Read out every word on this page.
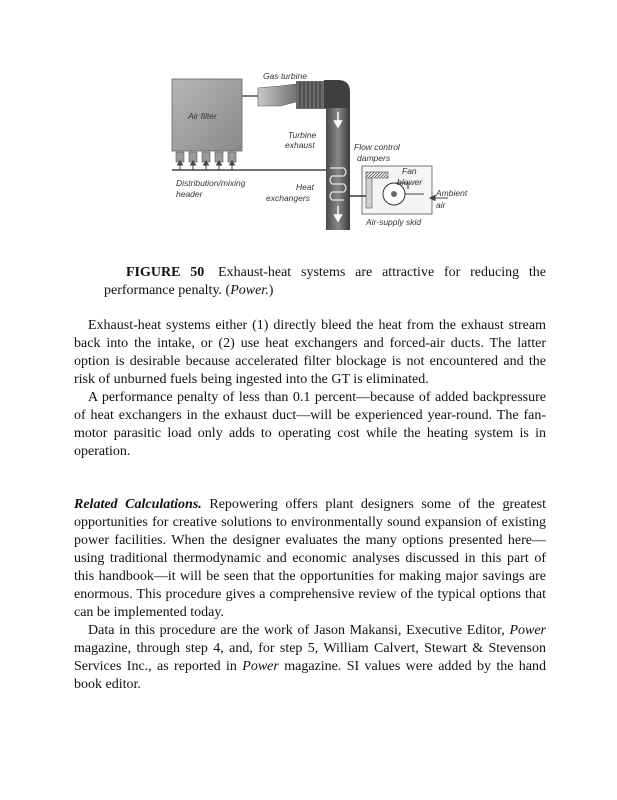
Air filter
Gas turbine
Turbine
exhaust
Distribution/mixing
header
Heat
exchangers
Flow control
dampers
Fan
blower
Air-supply skid
Ambient
air
FIGURE 50 Exhaust-heat systems are attractive for reducing the performance penalty. (Power.)

Exhaust-heat systems either (1) directly bleed the heat from the exhaust stream back into the intake, or (2) use heat exchangers and forced-air ducts. The latter option is desirable because accelerated filter blockage is not encountered and the risk of unburned fuels being ingested into the GT is eliminated.

A performance penalty of less than 0.1 percent—because of added backpressure of heat exchangers in the exhaust duct—will be experienced year-round. The fan-motor parasitic load only adds to operating cost while the heating system is in operation.

Related Calculations. Repowering offers plant designers some of the greatest opportunities for creative solutions to environmentally sound expansion of existing power facilities. When the designer evaluates the many options presented here—using traditional thermodynamic and economic analyses discussed in this part of this handbook—it will be seen that the opportunities for making major savings are enormous. This procedure gives a comprehensive review of the typical options that can be implemented today.

Data in this procedure are the work of Jason Makansi, Executive Editor, Power magazine, through step 4, and, for step 5, William Calvert, Stewart & Stevenson Services Inc., as reported in Power magazine. SI values were added by the hand book editor.
